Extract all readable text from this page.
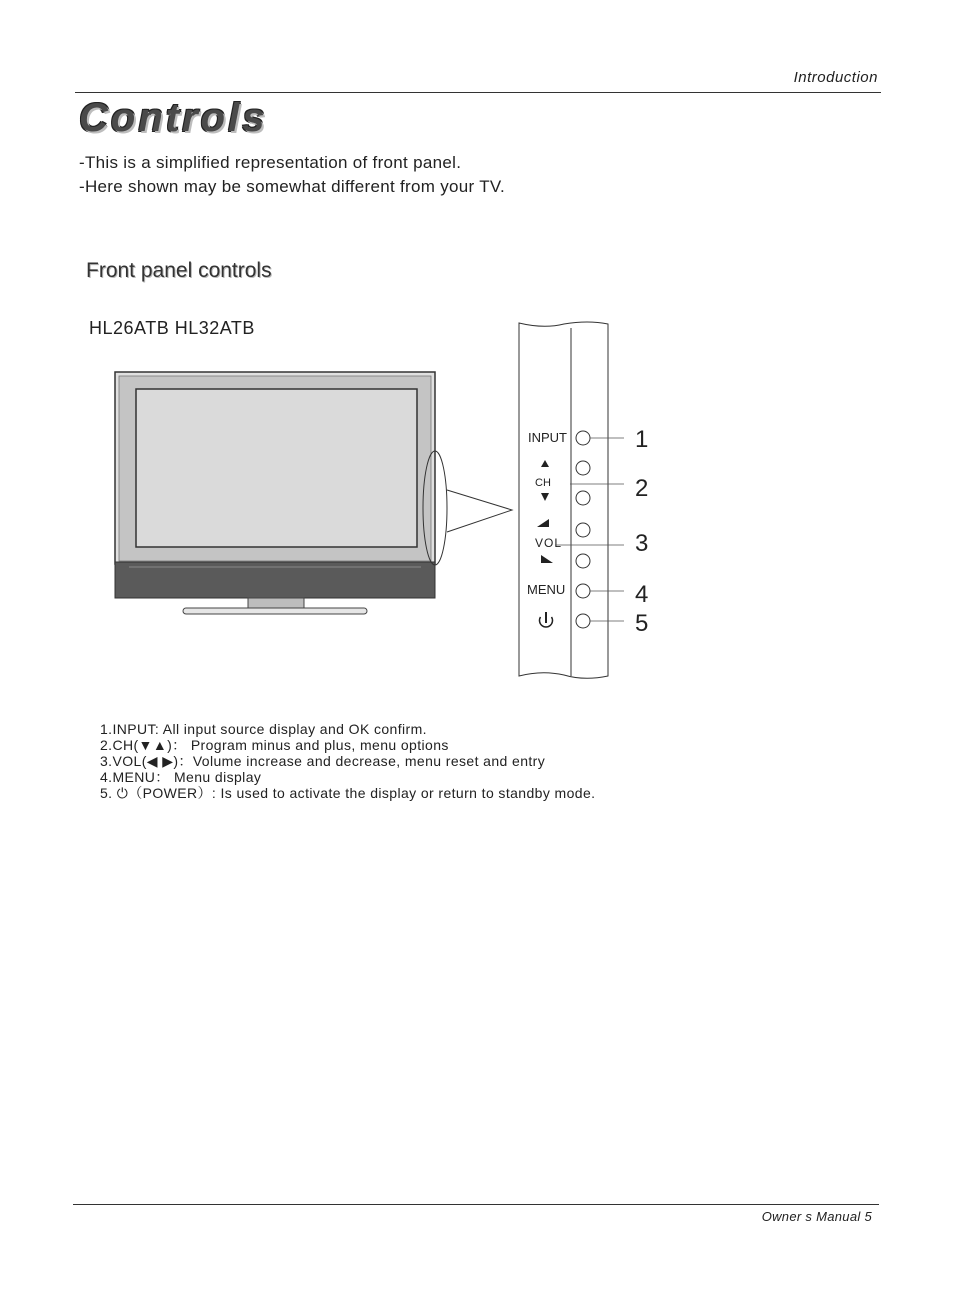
Introduction
Controls
-This is a simplified representation of front panel.
-Here shown may be somewhat different from your TV.
Front panel controls
HL26ATB HL32ATB
INPUT
CH
VOL
MENU
1
2
3
4
5
1.INPUT: All input source display and OK confirm.
2.CH(▼▲)： Program minus and plus, menu options
3.VOL(◀ ▶)：Volume increase and decrease, menu reset and entry
4.MENU： Menu display
5. ⏻（POWER）: Is used to activate the display or return to standby mode.
Owner s Manual 5
